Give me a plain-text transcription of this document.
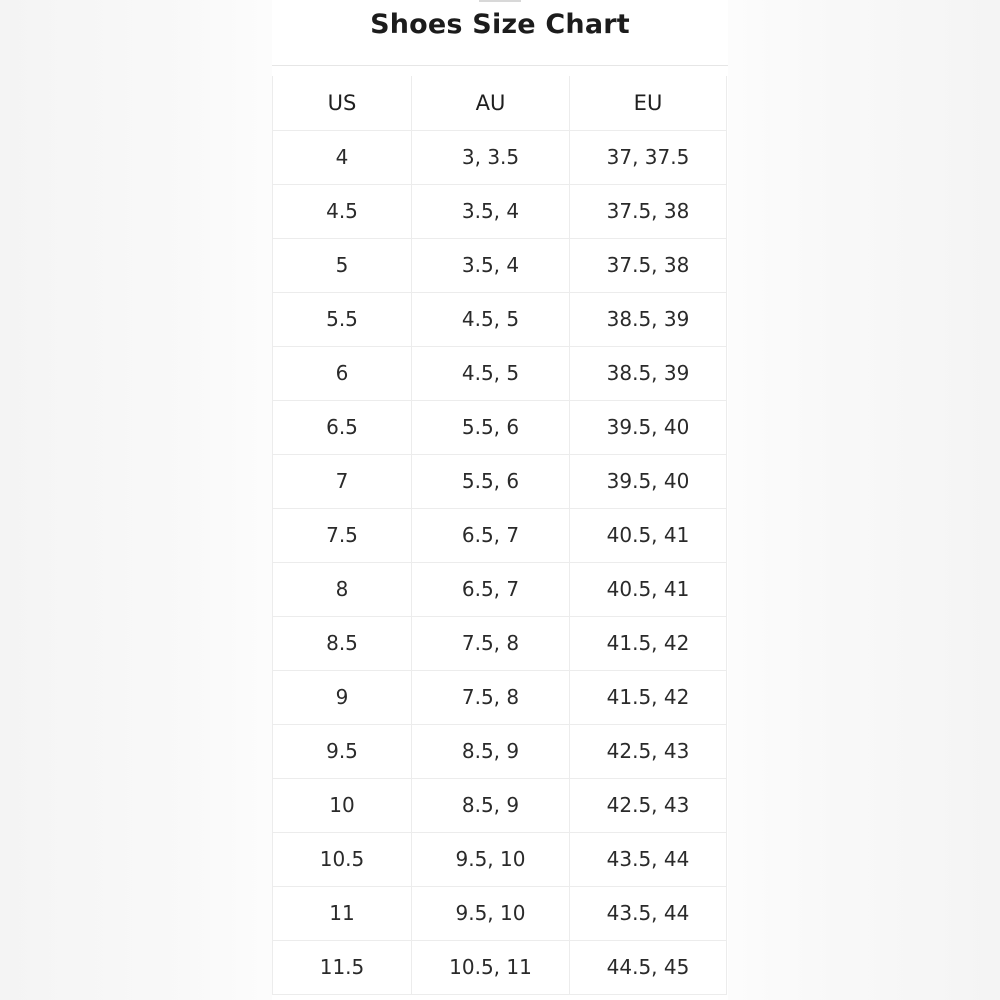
Shoes Size Chart
US	AU	EU
4	3, 3.5	37, 37.5
4.5	3.5, 4	37.5, 38
5	3.5, 4	37.5, 38
5.5	4.5, 5	38.5, 39
6	4.5, 5	38.5, 39
6.5	5.5, 6	39.5, 40
7	5.5, 6	39.5, 40
7.5	6.5, 7	40.5, 41
8	6.5, 7	40.5, 41
8.5	7.5, 8	41.5, 42
9	7.5, 8	41.5, 42
9.5	8.5, 9	42.5, 43
10	8.5, 9	42.5, 43
10.5	9.5, 10	43.5, 44
11	9.5, 10	43.5, 44
11.5	10.5, 11	44.5, 45
